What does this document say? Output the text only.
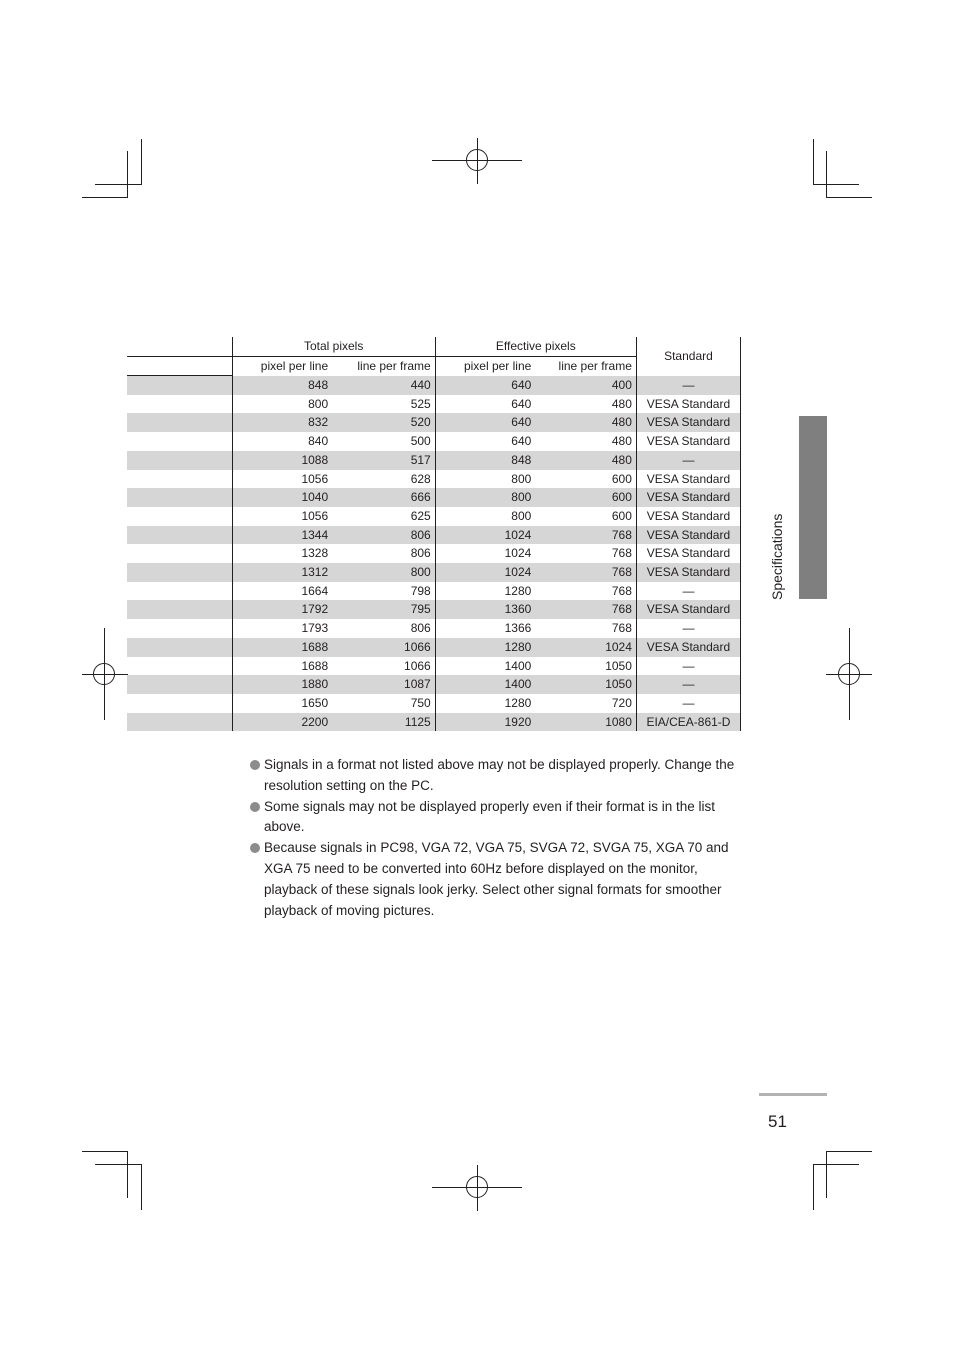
Specifications
	Total pixels		Effective pixels		Standard
	pixel per line	line per frame	pixel per line	line per frame	
	848	440	640	400	—
	800	525	640	480	VESA Standard
	832	520	640	480	VESA Standard
	840	500	640	480	VESA Standard
	1088	517	848	480	—
	1056	628	800	600	VESA Standard
	1040	666	800	600	VESA Standard
	1056	625	800	600	VESA Standard
	1344	806	1024	768	VESA Standard
	1328	806	1024	768	VESA Standard
	1312	800	1024	768	VESA Standard
	1664	798	1280	768	—
	1792	795	1360	768	VESA Standard
	1793	806	1366	768	—
	1688	1066	1280	1024	VESA Standard
	1688	1066	1400	1050	—
	1880	1087	1400	1050	—
	1650	750	1280	720	—
	2200	1125	1920	1080	EIA/CEA-861-D

Signals in a format not listed above may not be displayed properly. Change the resolution setting on the PC.

Some signals may not be displayed properly even if their format is in the list above.

Because signals in PC98, VGA 72, VGA 75, SVGA 72, SVGA 75, XGA 70 and XGA 75 need to be converted into 60Hz before displayed on the monitor, playback of these signals look jerky. Select other signal formats for smoother playback of moving pictures.

51
